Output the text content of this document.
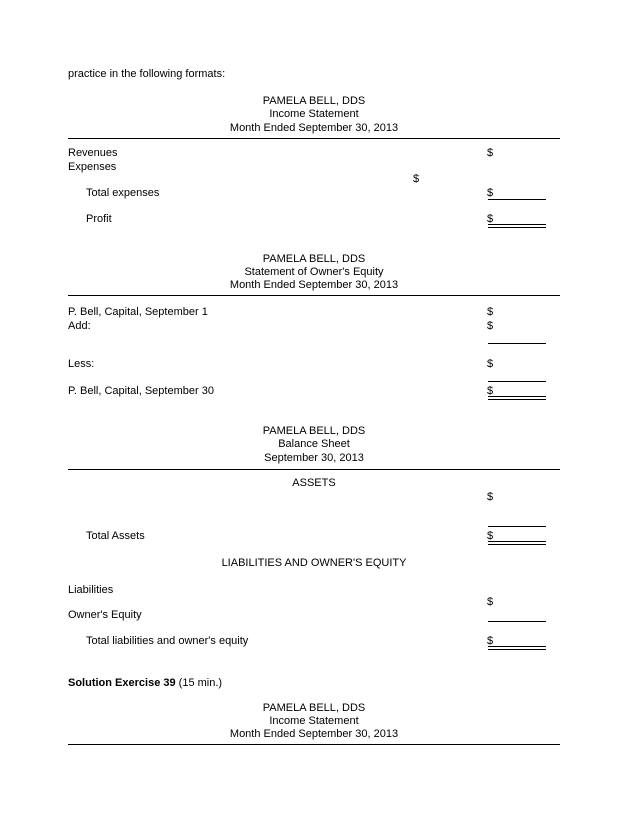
practice in the following formats:
PAMELA BELL, DDS
Income Statement
Month Ended September 30, 2013
Revenues	$
Expenses
$
Total expenses	$
Profit	$
PAMELA BELL, DDS
Statement of Owner's Equity
Month Ended September 30, 2013
P. Bell, Capital, September 1	$
Add:	$
Less:	$
P. Bell, Capital, September 30	$
PAMELA BELL, DDS
Balance Sheet
September 30, 2013
ASSETS
$
Total Assets	$
LIABILITIES AND OWNER'S EQUITY
Liabilities
$
Owner's Equity
Total liabilities and owner's equity	$
Solution Exercise 39 (15 min.)
PAMELA BELL, DDS
Income Statement
Month Ended September 30, 2013
